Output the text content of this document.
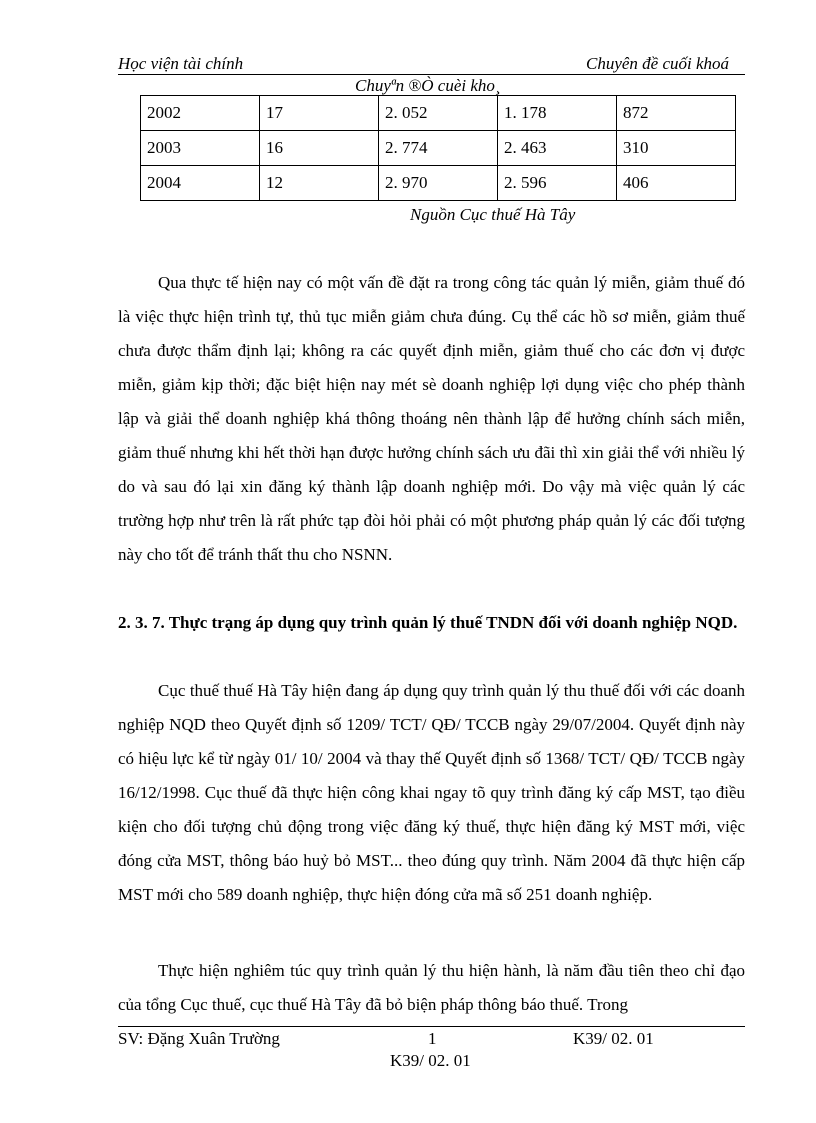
Học viện tài chính	Chuyên đề cuối khoá
Chuyªn ®Ò cuèi kho¸
2002	17	2. 052	1. 178	872
2003	16	2. 774	2. 463	310
2004	12	2. 970	2. 596	406
Nguồn Cục thuế Hà Tây

Qua thực tế hiện nay có một vấn đề đặt ra trong công tác quản lý miễn, giảm thuế đó là việc thực hiện trình tự, thủ tục miễn giảm chưa đúng. Cụ thể các hồ sơ miễn, giảm thuế chưa được thẩm định lại; không ra các quyết định miễn, giảm thuế cho các đơn vị được miễn, giảm kịp thời; đặc biệt hiện nay mét sè doanh nghiệp lợi dụng việc cho phép thành lập và giải thể doanh nghiệp khá thông thoáng nên thành lập để hưởng chính sách miễn, giảm thuế nhưng khi hết thời hạn được hưởng chính sách ưu đãi thì xin giải thể với nhiều lý do và sau đó lại xin đăng ký thành lập doanh nghiệp mới. Do vậy mà việc quản lý các trường hợp như trên là rất phức tạp đòi hỏi phải có một phương pháp quản lý các đối tượng này cho tốt để tránh thất thu cho NSNN.

2. 3. 7. Thực trạng áp dụng quy trình quản lý thuế TNDN đối với doanh nghiệp NQD.

Cục thuế thuế Hà Tây hiện đang áp dụng quy trình quản lý thu thuế đối với các doanh nghiệp NQD theo Quyết định số 1209/ TCT/ QĐ/ TCCB ngày 29/07/2004. Quyết định này có hiệu lực kể từ ngày 01/ 10/ 2004 và thay thế Quyết định số 1368/ TCT/ QĐ/ TCCB ngày 16/12/1998. Cục thuế đã thực hiện công khai ngay tõ quy trình đăng ký cấp MST, tạo điều kiện cho đối tượng chủ động trong việc đăng ký thuế, thực hiện đăng ký MST mới, việc đóng cửa MST, thông báo huỷ bỏ MST... theo đúng quy trình. Năm 2004 đã thực hiện cấp MST mới cho 589 doanh nghiệp, thực hiện đóng cửa mã số 251 doanh nghiệp.

Thực hiện nghiêm túc quy trình quản lý thu hiện hành, là năm đầu tiên theo chỉ đạo của tổng Cục thuế, cục thuế Hà Tây đã bỏ biện pháp thông báo thuế. Trong

SV: Đặng Xuân Trường	1	K39/ 02. 01
K39/ 02. 01
